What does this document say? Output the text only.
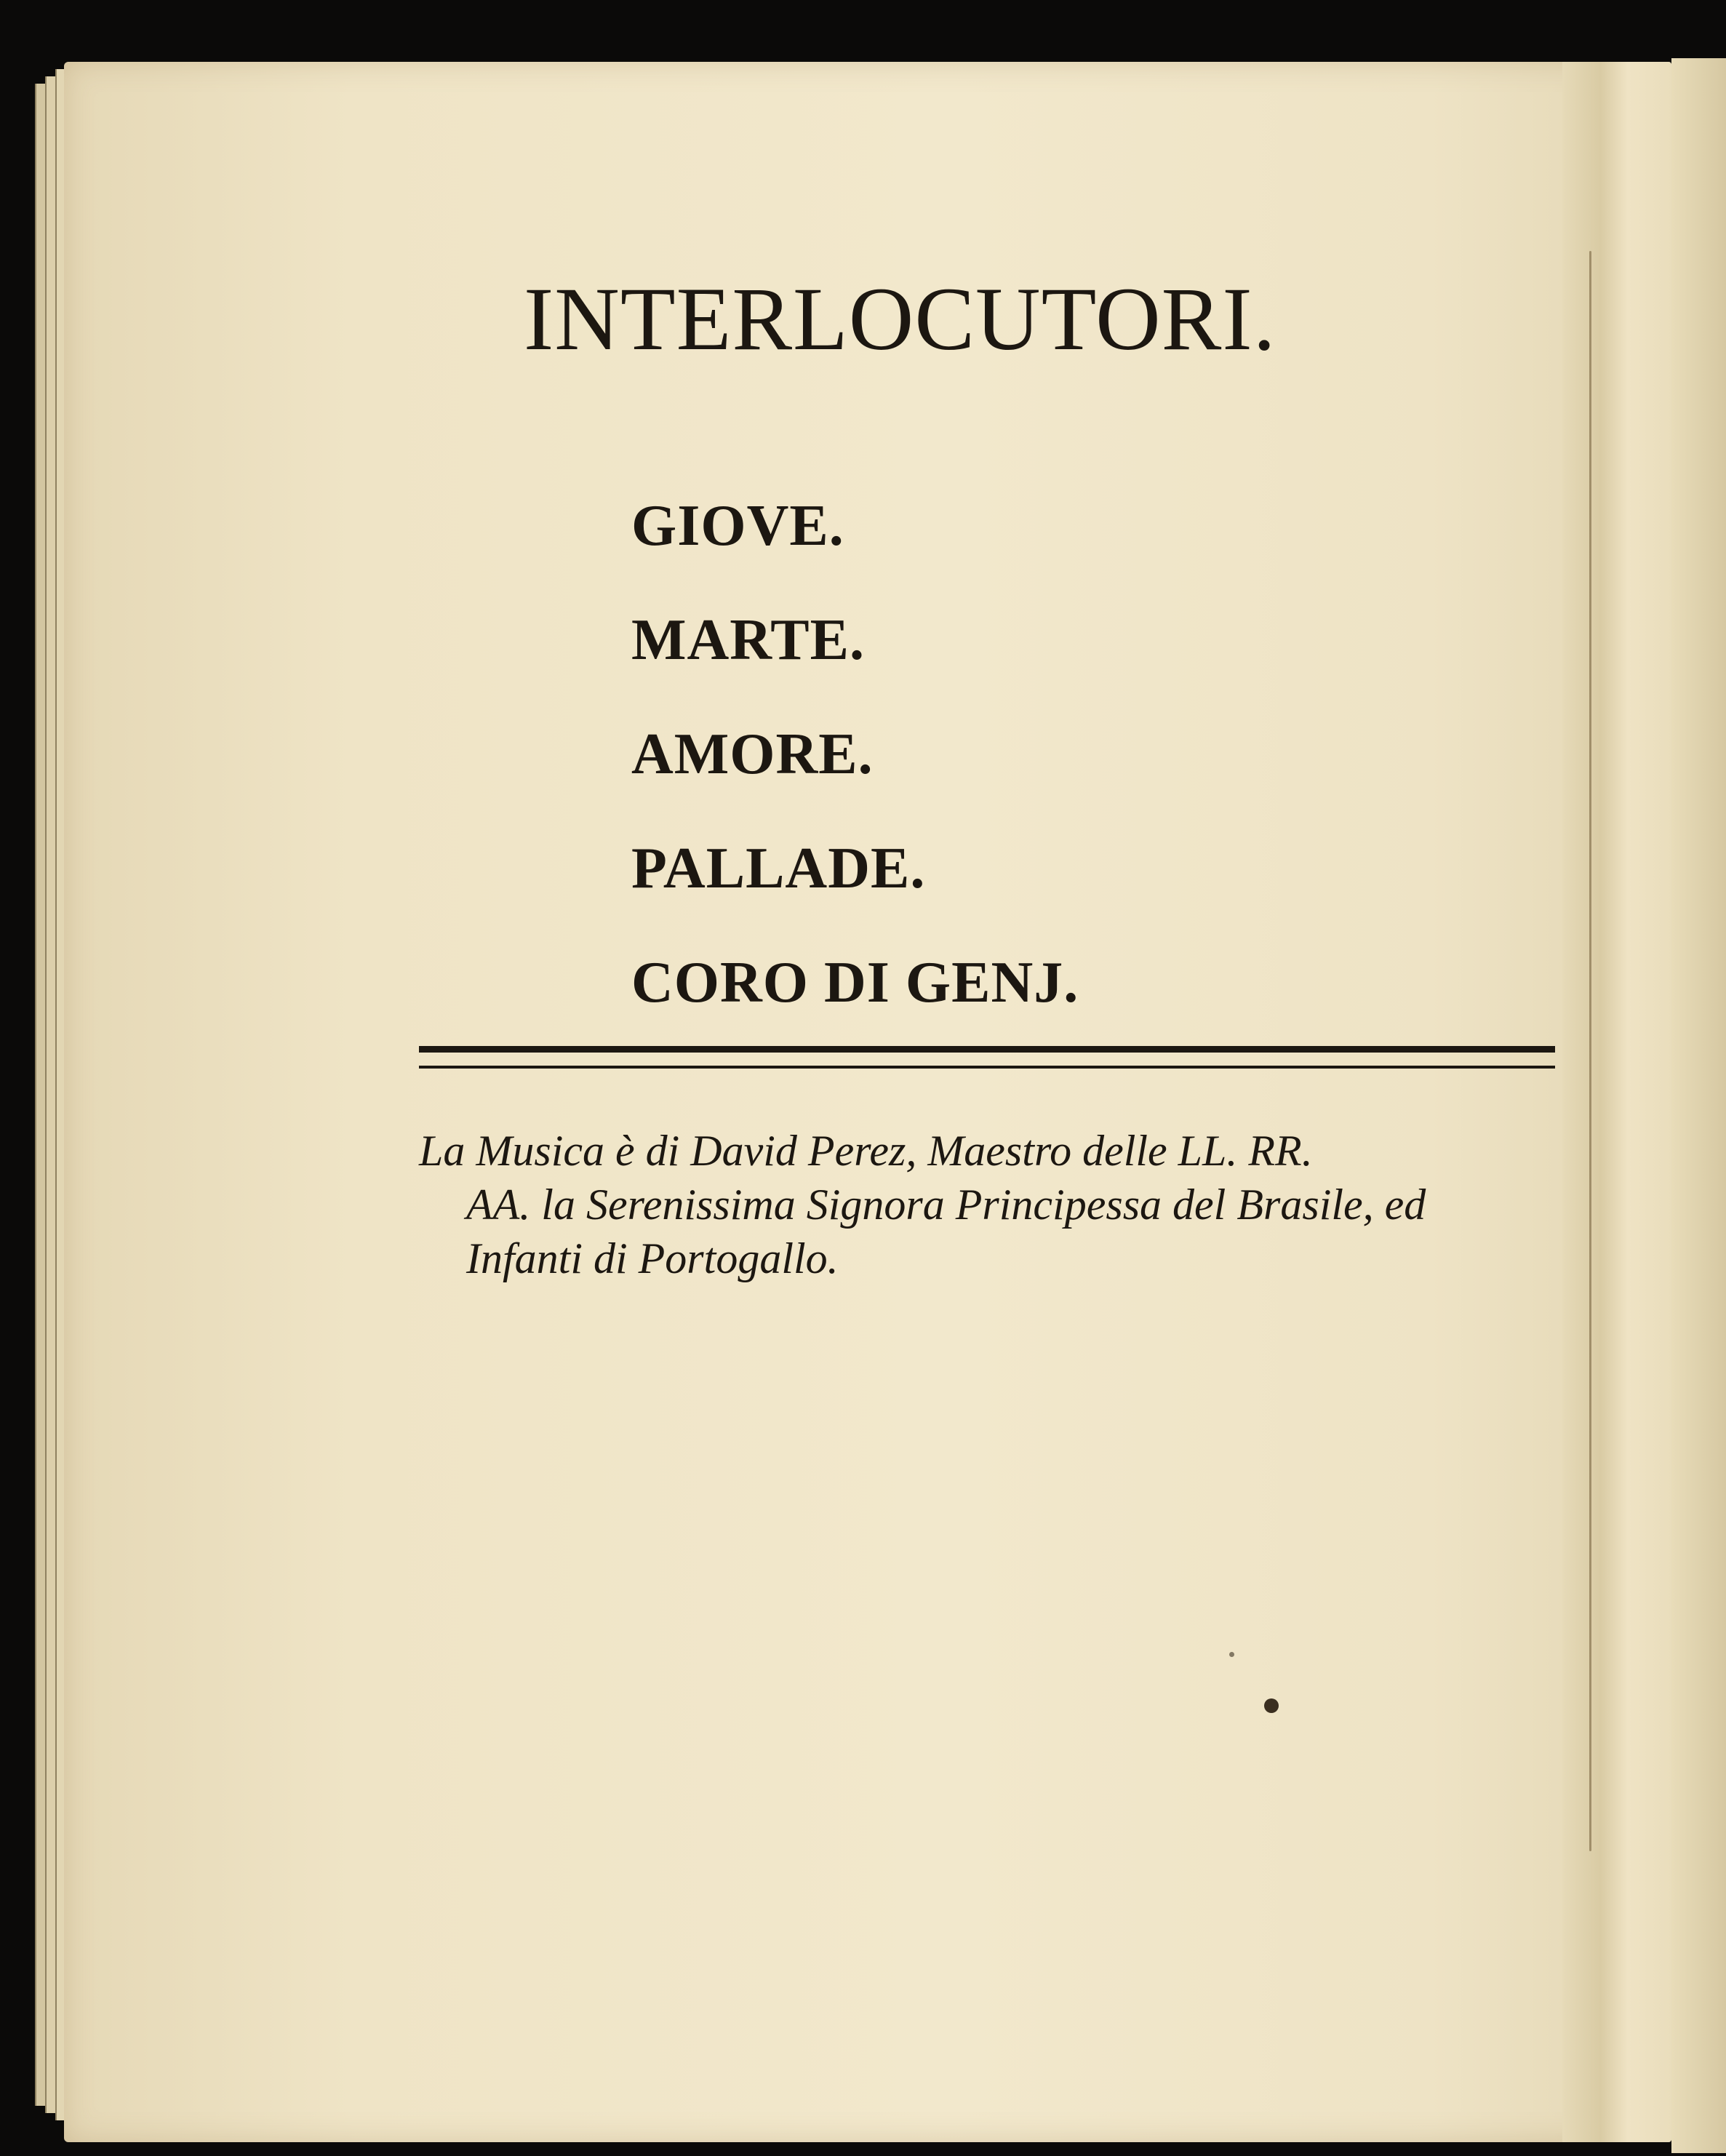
INTERLOCUTORI.
GIOVE.
MARTE.
AMORE.
PALLADE.
CORO DI GENJ.
La Musica è di David Perez, Maestro delle LL. RR.
AA. la Serenissima Signora Principessa del Brasile, ed
Infanti di Portogallo.
